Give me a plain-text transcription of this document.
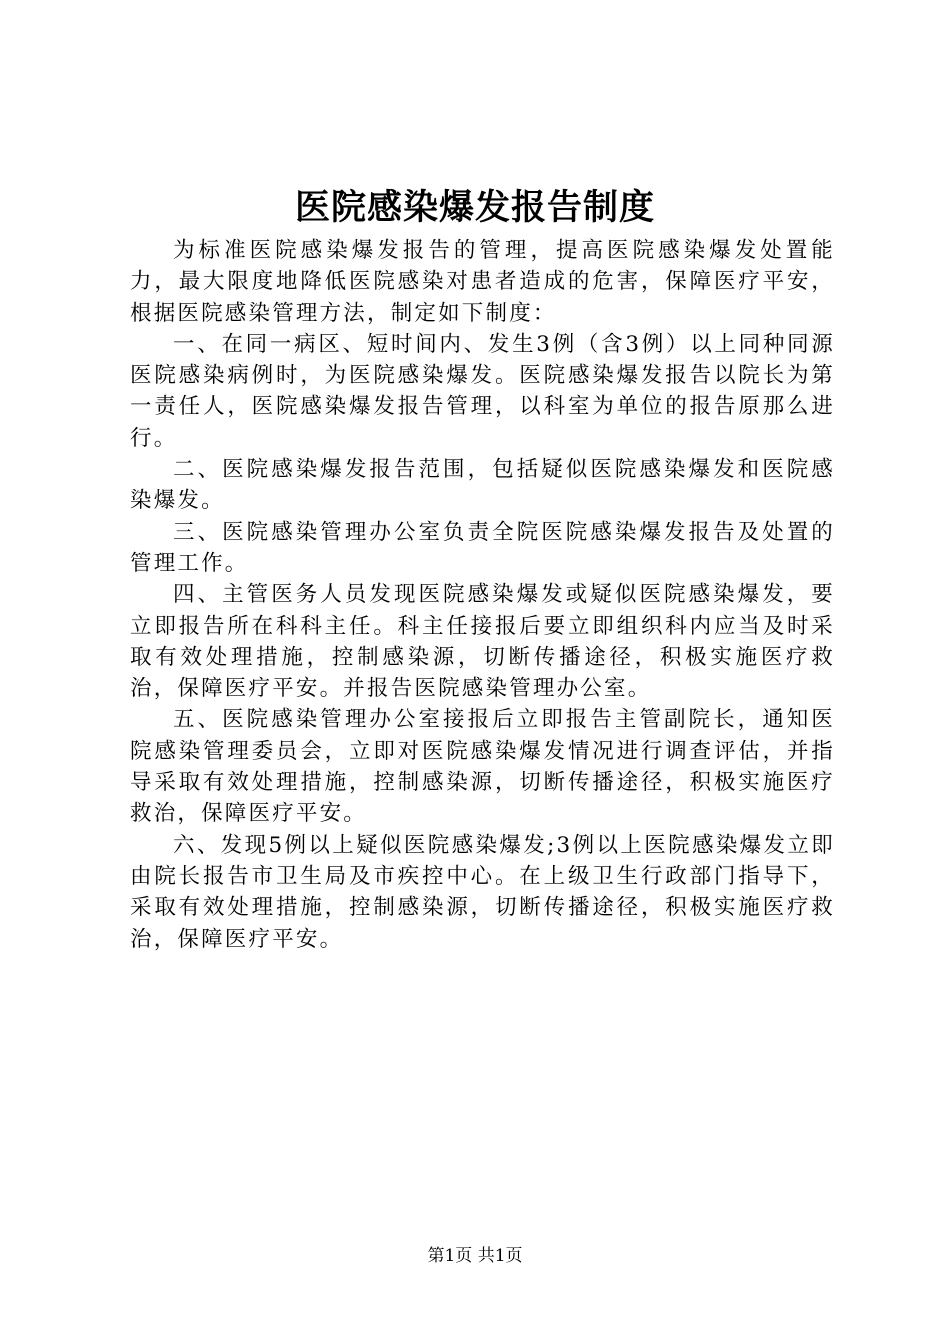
医院感染爆发报告制度

为标准医院感染爆发报告的管理，提高医院感染爆发处置能力，最大限度地降低医院感染对患者造成的危害，保障医疗平安，根据医院感染管理方法，制定如下制度：

一、在同一病区、短时间内、发生3例（含3例）以上同种同源医院感染病例时，为医院感染爆发。医院感染爆发报告以院长为第一责任人，医院感染爆发报告管理，以科室为单位的报告原那么进行。

二、医院感染爆发报告范围，包括疑似医院感染爆发和医院感染爆发。

三、医院感染管理办公室负责全院医院感染爆发报告及处置的管理工作。

四、主管医务人员发现医院感染爆发或疑似医院感染爆发，要立即报告所在科科主任。科主任接报后要立即组织科内应当及时采取有效处理措施，控制感染源，切断传播途径，积极实施医疗救治，保障医疗平安。并报告医院感染管理办公室。

五、医院感染管理办公室接报后立即报告主管副院长，通知医院感染管理委员会，立即对医院感染爆发情况进行调查评估，并指导采取有效处理措施，控制感染源，切断传播途径，积极实施医疗救治，保障医疗平安。

六、发现5例以上疑似医院感染爆发;3例以上医院感染爆发立即由院长报告市卫生局及市疾控中心。在上级卫生行政部门指导下，采取有效处理措施，控制感染源，切断传播途径，积极实施医疗救治，保障医疗平安。

第1页 共1页
